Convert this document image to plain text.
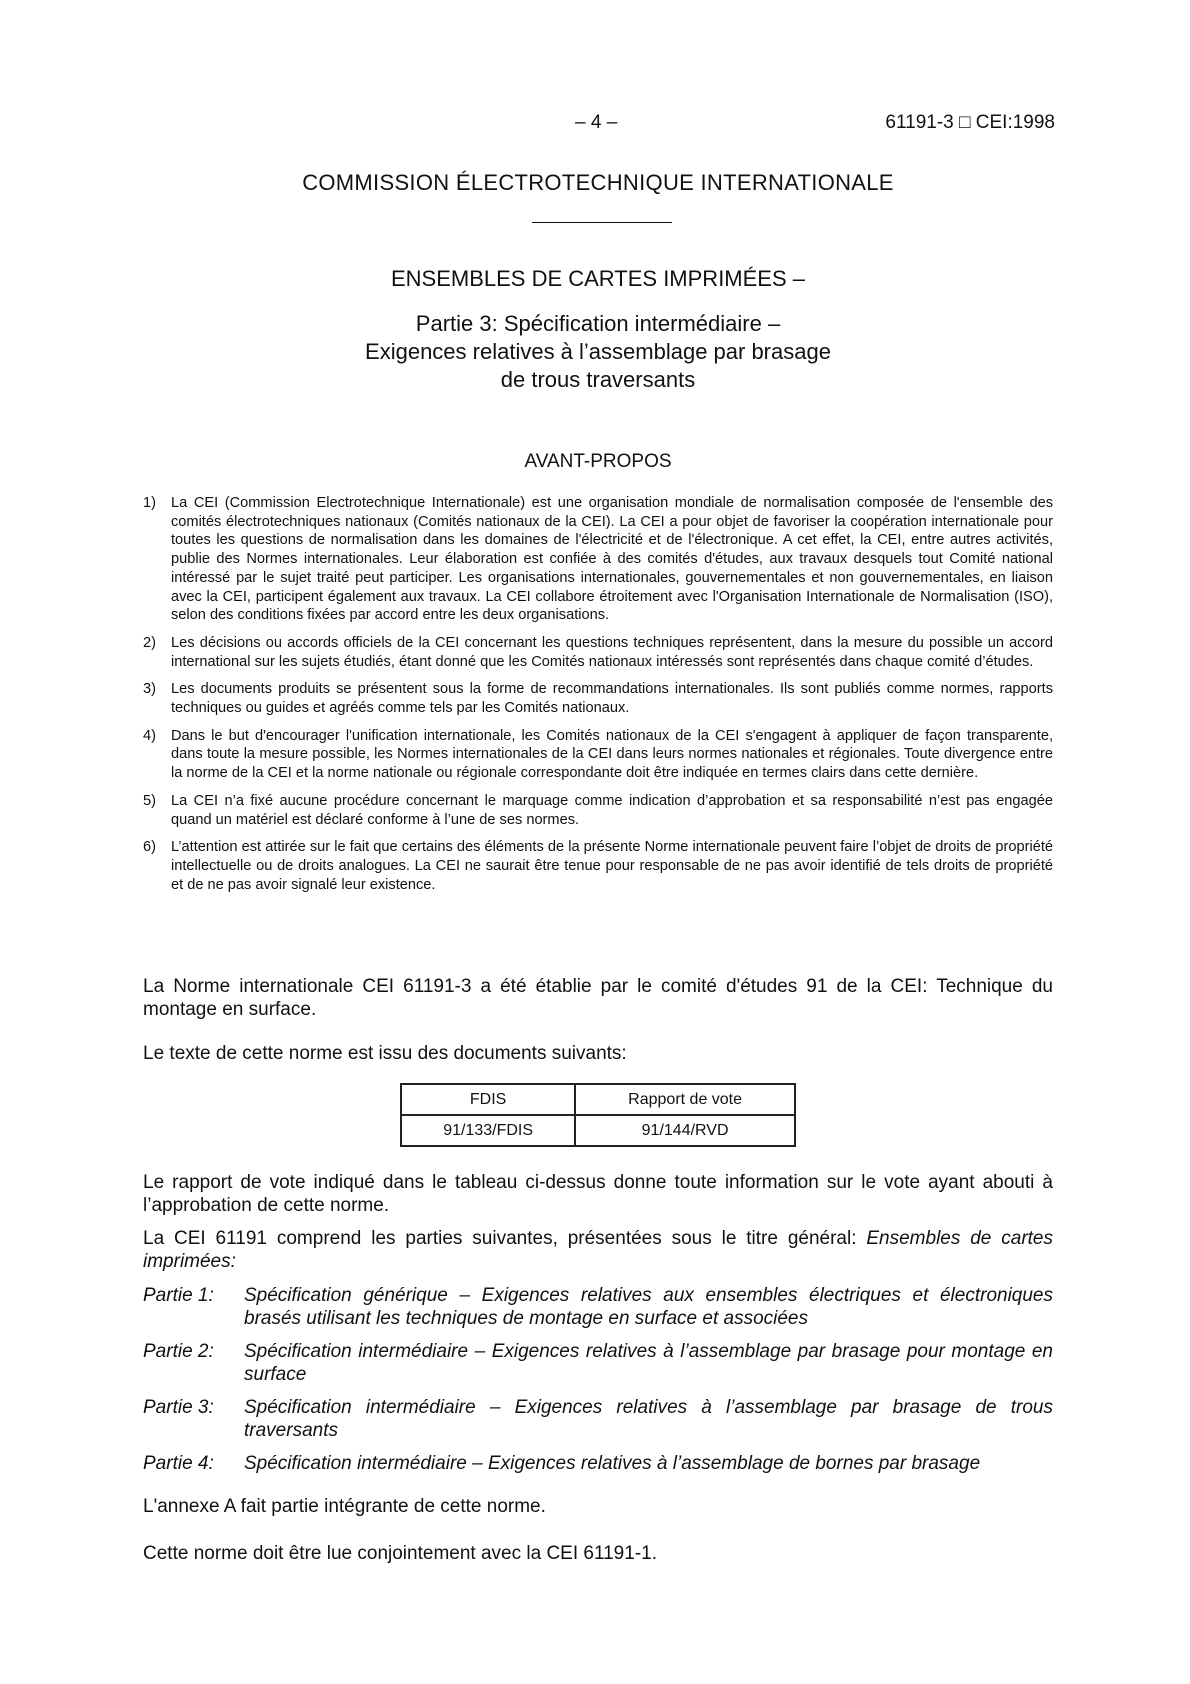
– 4 –	61191-3 □ CEI:1998
COMMISSION ÉLECTROTECHNIQUE INTERNATIONALE
ENSEMBLES DE CARTES IMPRIMÉES –
Partie 3: Spécification intermédiaire –
Exigences relatives à l’assemblage par brasage
de trous traversants
AVANT-PROPOS
1)	La CEI (Commission Electrotechnique Internationale) est une organisation mondiale de normalisation composée de l'ensemble des comités électrotechniques nationaux (Comités nationaux de la CEI). La CEI a pour objet de favoriser la coopération internationale pour toutes les questions de normalisation dans les domaines de l'électricité et de l'électronique. A cet effet, la CEI, entre autres activités, publie des Normes internationales. Leur élaboration est confiée à des comités d'études, aux travaux desquels tout Comité national intéressé par le sujet traité peut participer. Les organisations internationales, gouvernementales et non gouvernementales, en liaison avec la CEI, participent également aux travaux. La CEI collabore étroitement avec l'Organisation Internationale de Normalisation (ISO), selon des conditions fixées par accord entre les deux organisations.
2)	Les décisions ou accords officiels de la CEI concernant les questions techniques représentent, dans la mesure du possible un accord international sur les sujets étudiés, étant donné que les Comités nationaux intéressés sont représentés dans chaque comité d’études.
3)	Les documents produits se présentent sous la forme de recommandations internationales. Ils sont publiés comme normes, rapports techniques ou guides et agréés comme tels par les Comités nationaux.
4)	Dans le but d'encourager l'unification internationale, les Comités nationaux de la CEI s'engagent à appliquer de façon transparente, dans toute la mesure possible, les Normes internationales de la CEI dans leurs normes nationales et régionales. Toute divergence entre la norme de la CEI et la norme nationale ou régionale correspondante doit être indiquée en termes clairs dans cette dernière.
5)	La CEI n’a fixé aucune procédure concernant le marquage comme indication d’approbation et sa responsabilité n’est pas engagée quand un matériel est déclaré conforme à l’une de ses normes.
6)	L’attention est attirée sur le fait que certains des éléments de la présente Norme internationale peuvent faire l’objet de droits de propriété intellectuelle ou de droits analogues. La CEI ne saurait être tenue pour responsable de ne pas avoir identifié de tels droits de propriété et de ne pas avoir signalé leur existence.

La Norme internationale CEI 61191-3 a été établie par le comité d'études 91 de la CEI: Technique du montage en surface.

Le texte de cette norme est issu des documents suivants:

FDIS	Rapport de vote
91/133/FDIS	91/144/RVD

Le rapport de vote indiqué dans le tableau ci-dessus donne toute information sur le vote ayant abouti à l’approbation de cette norme.

La CEI 61191 comprend les parties suivantes, présentées sous le titre général: Ensembles de cartes imprimées:

Partie 1:	Spécification générique – Exigences relatives aux ensembles électriques et électroniques brasés utilisant les techniques de montage en surface et associées
Partie 2:	Spécification intermédiaire – Exigences relatives à l’assemblage par brasage pour montage en surface
Partie 3:	Spécification intermédiaire – Exigences relatives à l’assemblage par brasage de trous traversants
Partie 4:	Spécification intermédiaire – Exigences relatives à l’assemblage de bornes par brasage

L'annexe A fait partie intégrante de cette norme.

Cette norme doit être lue conjointement avec la CEI 61191-1.
